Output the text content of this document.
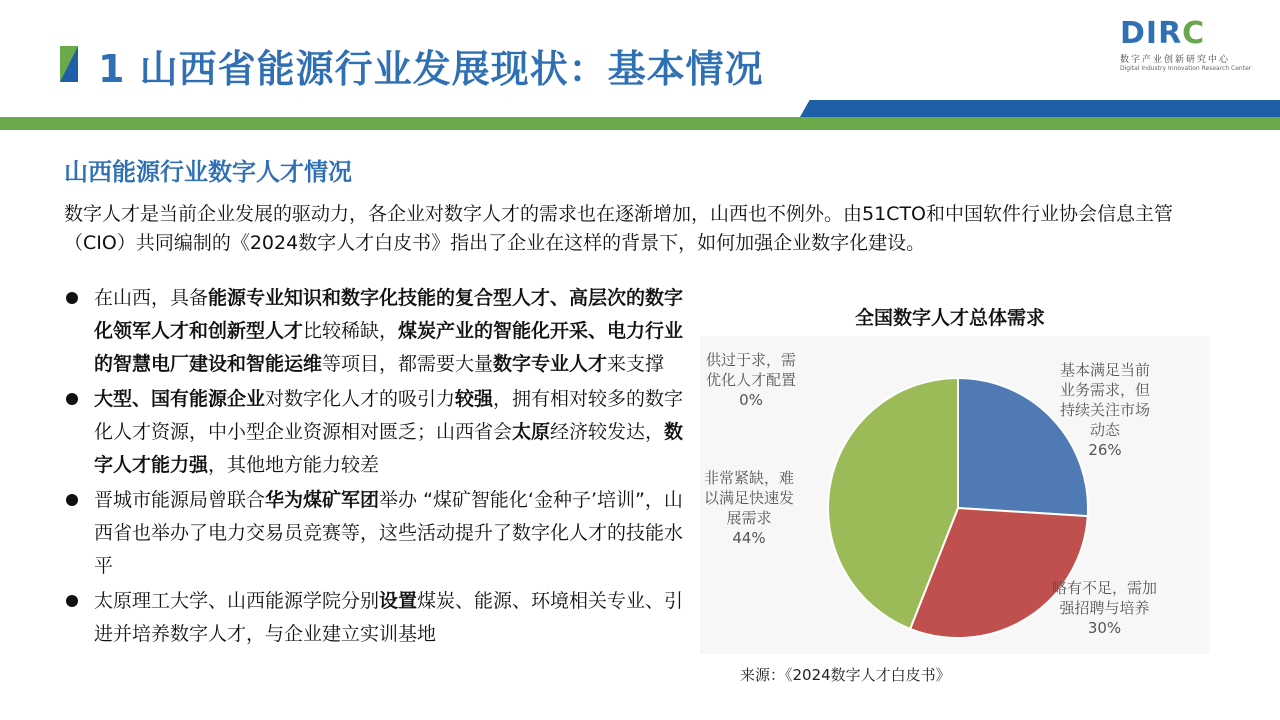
1 山西省能源行业发展现状：基本情况
DIRC
数字产业创新研究中心
Digital Industry Innovation Research Center
山西能源行业数字人才情况
数字人才是当前企业发展的驱动力，各企业对数字人才的需求也在逐渐增加，山西也不例外。由51CTO和中国软件行业协会信息主管（CIO）共同编制的《2024数字人才白皮书》指出了企业在这样的背景下，如何加强企业数字化建设。
在山西，具备能源专业知识和数字化技能的复合型人才、高层次的数字化领军人才和创新型人才比较稀缺，煤炭产业的智能化开采、电力行业的智慧电厂建设和智能运维等项目，都需要大量数字专业人才来支撑
大型、国有能源企业对数字化人才的吸引力较强，拥有相对较多的数字化人才资源，中小型企业资源相对匮乏；山西省会太原经济较发达，数字人才能力强，其他地方能力较差
晋城市能源局曾联合华为煤矿军团举办 “煤矿智能化‘金种子’培训”，山西省也举办了电力交易员竞赛等，这些活动提升了数字化人才的技能水平
太原理工大学、山西能源学院分别设置煤炭、能源、环境相关专业、引进并培养数字人才，与企业建立实训基地
全国数字人才总体需求
基本满足当前
业务需求，但
持续关注市场
动态
26%
略有不足，需加
强招聘与培养
30%
非常紧缺，难
以满足快速发
展需求
44%
供过于求，需
优化人才配置
0%
来源：《2024数字人才白皮书》
